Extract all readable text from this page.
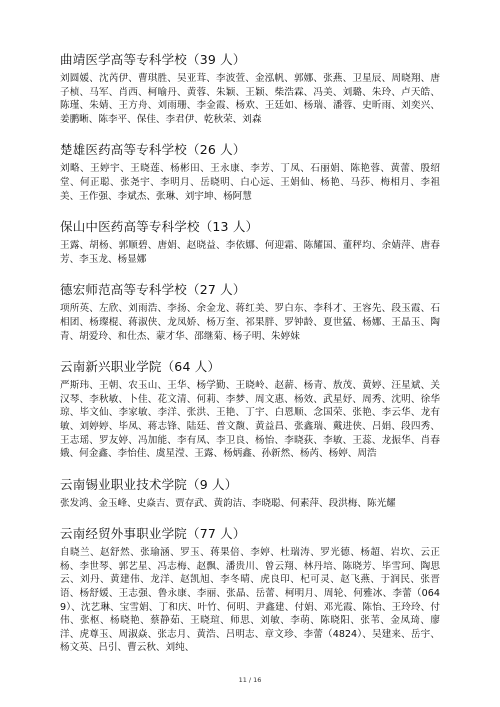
曲靖医学高等专科学校（39 人）

刘圆媛、沈芮伊、曹琪胜、吴亚茸、李波萱、金泓帆、郭娜、张燕、卫星辰、周晓翔、唐子桢、马军、肖西、柯喻丹、黄蓉、朱颖、王颖、柴浩霖、冯美、刘璐、朱玲、卢天皓、陈瑾、朱婧、王方舟、刘雨珊、李金霞、杨欢、王廷如、杨瑞、潘蓉、史昕雨、刘奕兴、姜鹏晰、陈李平、保佳、李君伊、乾秋荣、刘森

楚雄医药高等专科学校（26 人）

刘略、王婷宇、王晓莲、杨彬田、王永康、李芳、丁凤、石丽娟、陈艳蓉、黄蕾、殷绍堂、何正聪、张尧宇、李明月、岳晓明、白心远、王娟仙、杨艳、马莎、梅相月、李祖美、王作强、李斌杰、张琳、刘宇坤、杨阿慧

保山中医药高等专科学校（13 人）

王露、胡杨、郭顺碧、唐娟、赵晓益、李依娜、何迎霜、陈耀国、董秤均、余婧萍、唐春芳、李玉龙、杨显娜

德宏师范高等专科学校（27 人）

项所英、左欣、刘雨浩、李扬、余金龙、蒋红美、罗白东、李科才、王容先、段玉霞、石相团、杨璨棍、蒋淑侠、龙凤娇、杨万奎、祁果胖、罗钟龄、夏世猛、杨娜、王晶玉、陶青、胡爱玲、和仕杰、蒙才华、邵继菊、杨子明、朱婷妹

云南新兴职业学院（64 人）

严斯玮、王朝、农玉山、王华、杨学勤、王晓岭、赵薪、杨青、敖茂、黄婷、汪星斌、关汉琴、李秋敏、卜佳、花文清、何莉、李梦、周文惠、杨效、武星妤、周秀、沈明、徐华琼、毕文仙、李家敏、李洋、张洪、王艳、丁宇、白恩顺、念国荣、张艳、李云华、龙有敏、刘婷婷、毕凤、蒋志锋、陆廷、普文馥、黄益昌、张鑫瑞、戴进侠、吕娟、段四秀、王志瑶、罗友婷、冯加能、李有凤、李卫良、杨怡、李晓荻、李敏、王蕊、龙振华、肖春娥、何金鑫、李怡佳、虞星滢、王露、杨炳鑫、孙新然、杨芮、杨婷、周浩

云南锡业职业技术学院（9 人）

张发鸿、金玉峰、史焱吉、贾存武、黄韵洁、李晓聪、何素萍、段洪梅、陈光耀

云南经贸外事职业学院（77 人）

自晓兰、赵舒然、张瑜涵、罗玉、蒋果倍、李婷、杜瑞涛、罗光德、杨超、岩坎、云正杨、李世琴、郭艺星、冯志梅、赵飘、潘贵川、曾云翔、林丹培、陈晓芳、毕雪珂、陶思云、刘丹、黄建伟、龙洋、赵凯旭、李冬晴、虎良印、杞可灵、赵飞燕、于润民、张晋语、杨舒媛、王志强、鲁永康、李丽、张晶、岳蕾、柯明月、周轮、何雅冰、李蕾（0649）、沈艺琳、宝雪娟、丁和庆、叶竹、何明、尹鑫建、付娟、邓光霞、陈怡、王玲玲、付伟、张枢、杨晓艳、蔡静茹、王晓瑄、师思、刘敏、李萌、陈晓阳、张苇、金凤琦、廖洋、虎尊玉、周淑焱、张志月、黄浩、吕明志、章文珍、李蕾（4824）、吴建来、岳宇、杨文英、吕引、曹云秋、刘纯、

11 / 16
